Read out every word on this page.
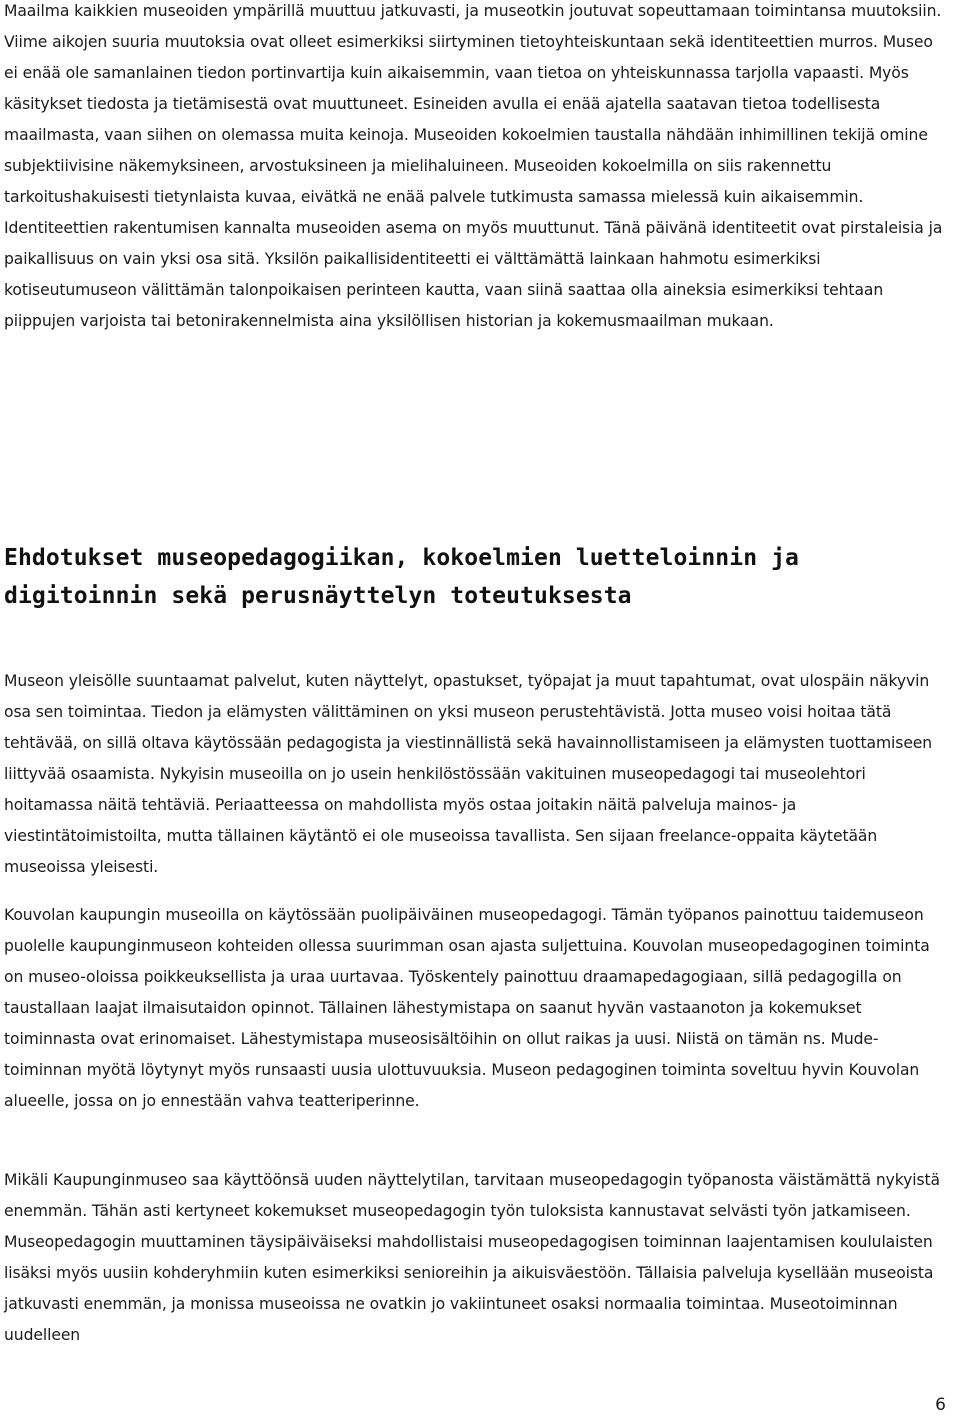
Maailma kaikkien museoiden ympärillä muuttuu jatkuvasti, ja museotkin joutuvat sopeuttamaan toimintansa muutoksiin. Viime aikojen suuria muutoksia ovat olleet esimerkiksi siirtyminen tietoyhteiskuntaan sekä identiteettien murros. Museo ei enää ole samanlainen tiedon portinvartija kuin aikaisemmin, vaan tietoa on yhteiskunnassa tarjolla vapaasti. Myös käsitykset tiedosta ja tietämisestä ovat muuttuneet. Esineiden avulla ei enää ajatella saatavan tietoa todellisesta maailmasta, vaan siihen on olemassa muita keinoja. Museoiden kokoelmien taustalla nähdään inhimillinen tekijä omine subjektiivisine näkemyksineen, arvostuksineen ja mielihaluineen. Museoiden kokoelmilla on siis rakennettu tarkoitushakuisesti tietynlaista kuvaa, eivätkä ne enää palvele tutkimusta samassa mielessä kuin aikaisemmin. Identiteettien rakentumisen kannalta museoiden asema on myös muuttunut. Tänä päivänä identiteetit ovat pirstaleisia ja paikallisuus on vain yksi osa sitä. Yksilön paikallisidentiteetti ei välttämättä lainkaan hahmotu esimerkiksi kotiseutumuseon välittämän talonpoikaisen perinteen kautta, vaan siinä saattaa olla aineksia esimerkiksi tehtaan piippujen varjoista tai betonirakennelmista aina yksilöllisen historian ja kokemusmaailman mukaan.

Ehdotukset museopedagogiikan, kokoelmien luetteloinnin ja digitoinnin sekä perusnäyttelyn toteutuksesta

Museon yleisölle suuntaamat palvelut, kuten näyttelyt, opastukset, työpajat ja muut tapahtumat, ovat ulospäin näkyvin osa sen toimintaa. Tiedon ja elämysten välittäminen on yksi museon perustehtävistä. Jotta museo voisi hoitaa tätä tehtävää, on sillä oltava käytössään pedagogista ja viestinnällistä sekä havainnollistamiseen ja elämysten tuottamiseen liittyvää osaamista. Nykyisin museoilla on jo usein henkilöstössään vakituinen museopedagogi tai museolehtori hoitamassa näitä tehtäviä. Periaatteessa on mahdollista myös ostaa joitakin näitä palveluja mainos- ja viestintätoimistoilta, mutta tällainen käytäntö ei ole museoissa tavallista. Sen sijaan freelance-oppaita käytetään museoissa yleisesti.

Kouvolan kaupungin museoilla on käytössään puolipäiväinen museopedagogi. Tämän työpanos painottuu taidemuseon puolelle kaupunginmuseon kohteiden ollessa suurimman osan ajasta suljettuina. Kouvolan museopedagoginen toiminta on museo-oloissa poikkeuksellista ja uraa uurtavaa. Työskentely painottuu draamapedagogiaan, sillä pedagogilla on taustallaan laajat ilmaisutaidon opinnot. Tällainen lähestymistapa on saanut hyvän vastaanoton ja kokemukset toiminnasta ovat erinomaiset. Lähestymistapa museosisältöihin on ollut raikas ja uusi. Niistä on tämän ns. Mude-toiminnan myötä löytynyt myös runsaasti uusia ulottuvuuksia. Museon pedagoginen toiminta soveltuu hyvin Kouvolan alueelle, jossa on jo ennestään vahva teatteriperinne.

Mikäli Kaupunginmuseo saa käyttöönsä uuden näyttelytilan, tarvitaan museopedagogin työpanosta väistämättä nykyistä enemmän. Tähän asti kertyneet kokemukset museopedagogin työn tuloksista kannustavat selvästi työn jatkamiseen. Museopedagogin muuttaminen täysipäiväiseksi mahdollistaisi museopedagogisen toiminnan laajentamisen koululaisten lisäksi myös uusiin kohderyhmiin kuten esimerkiksi senioreihin ja aikuisväestöön. Tällaisia palveluja kysellään museoista jatkuvasti enemmän, ja monissa museoissa ne ovatkin jo vakiintuneet osaksi normaalia toimintaa. Museotoiminnan uudelleen

6
